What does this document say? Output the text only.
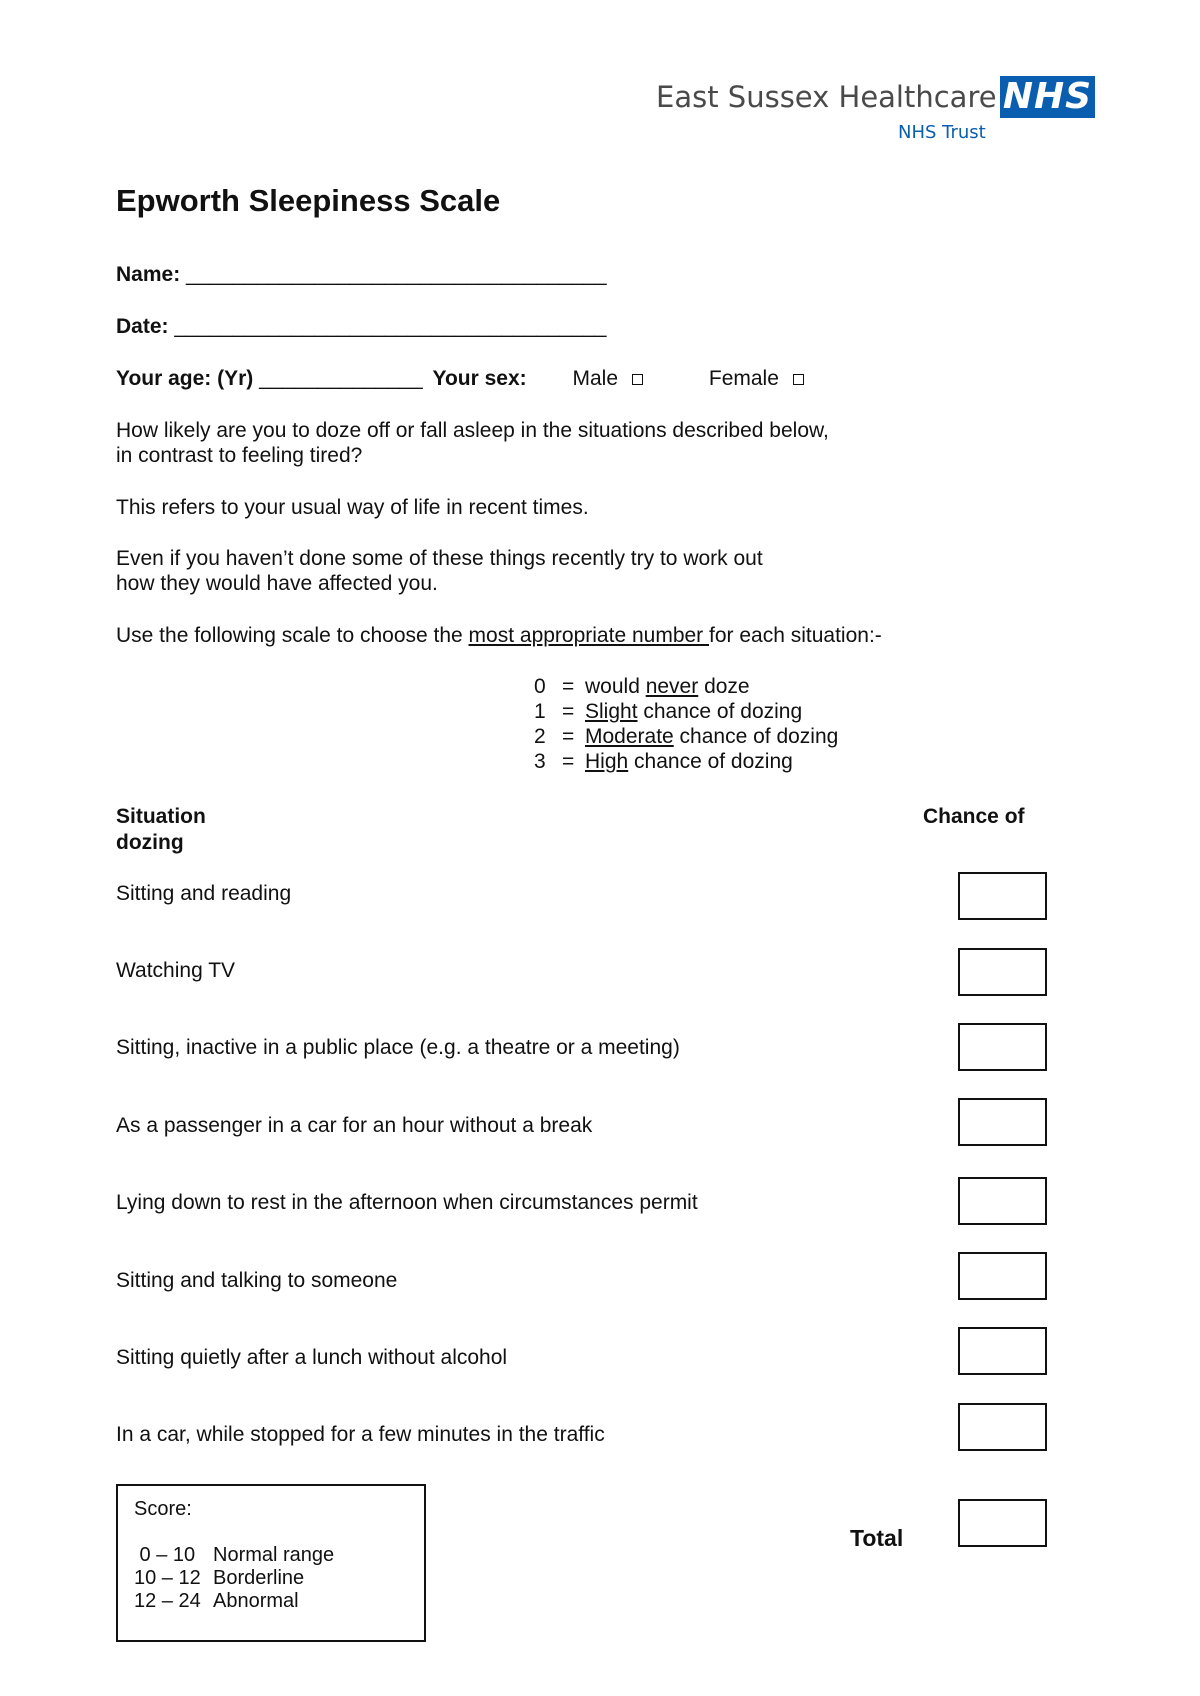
East Sussex Healthcare NHS
NHS Trust
Epworth Sleepiness Scale
Name: ____________________________________
Date: _____________________________________
Your age: (Yr) ______________ Your sex: Male	Female
How likely are you to doze off or fall asleep in the situations described below,
in contrast to feeling tired?
This refers to your usual way of life in recent times.
Even if you haven’t done some of these things recently try to work out
how they would have affected you.
Use the following scale to choose the most appropriate number for each situation:-
0 = would never doze
1 = Slight chance of dozing
2 = Moderate chance of dozing
3 = High chance of dozing
Situation	Chance of
dozing
Sitting and reading
Watching TV
Sitting, inactive in a public place (e.g. a theatre or a meeting)
As a passenger in a car for an hour without a break
Lying down to rest in the afternoon when circumstances permit
Sitting and talking to someone
Sitting quietly after a lunch without alcohol
In a car, while stopped for a few minutes in the traffic
Score:
0 – 10 Normal range
10 – 12 Borderline
12 – 24 Abnormal
Total
